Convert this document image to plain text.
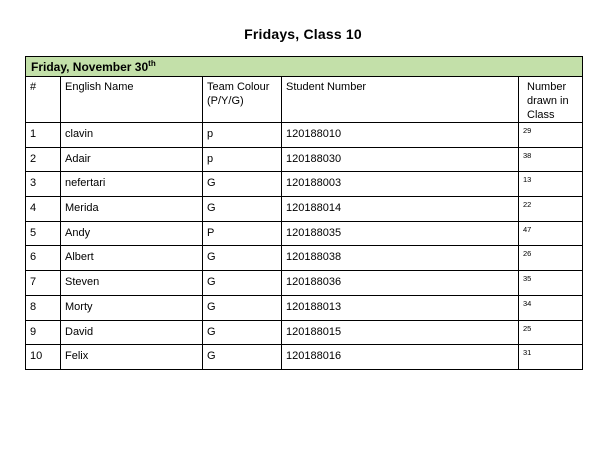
Fridays, Class 10
Friday, November 30th
#	English Name	Team Colour (P/Y/G)	Student Number	Number drawn in Class
1	clavin	p	120188010	29
2	Adair	p	120188030	38
3	nefertari	G	120188003	13
4	Merida	G	120188014	22
5	Andy	P	120188035	47
6	Albert	G	120188038	26
7	Steven	G	120188036	35
8	Morty	G	120188013	34
9	David	G	120188015	25
10	Felix	G	120188016	31
